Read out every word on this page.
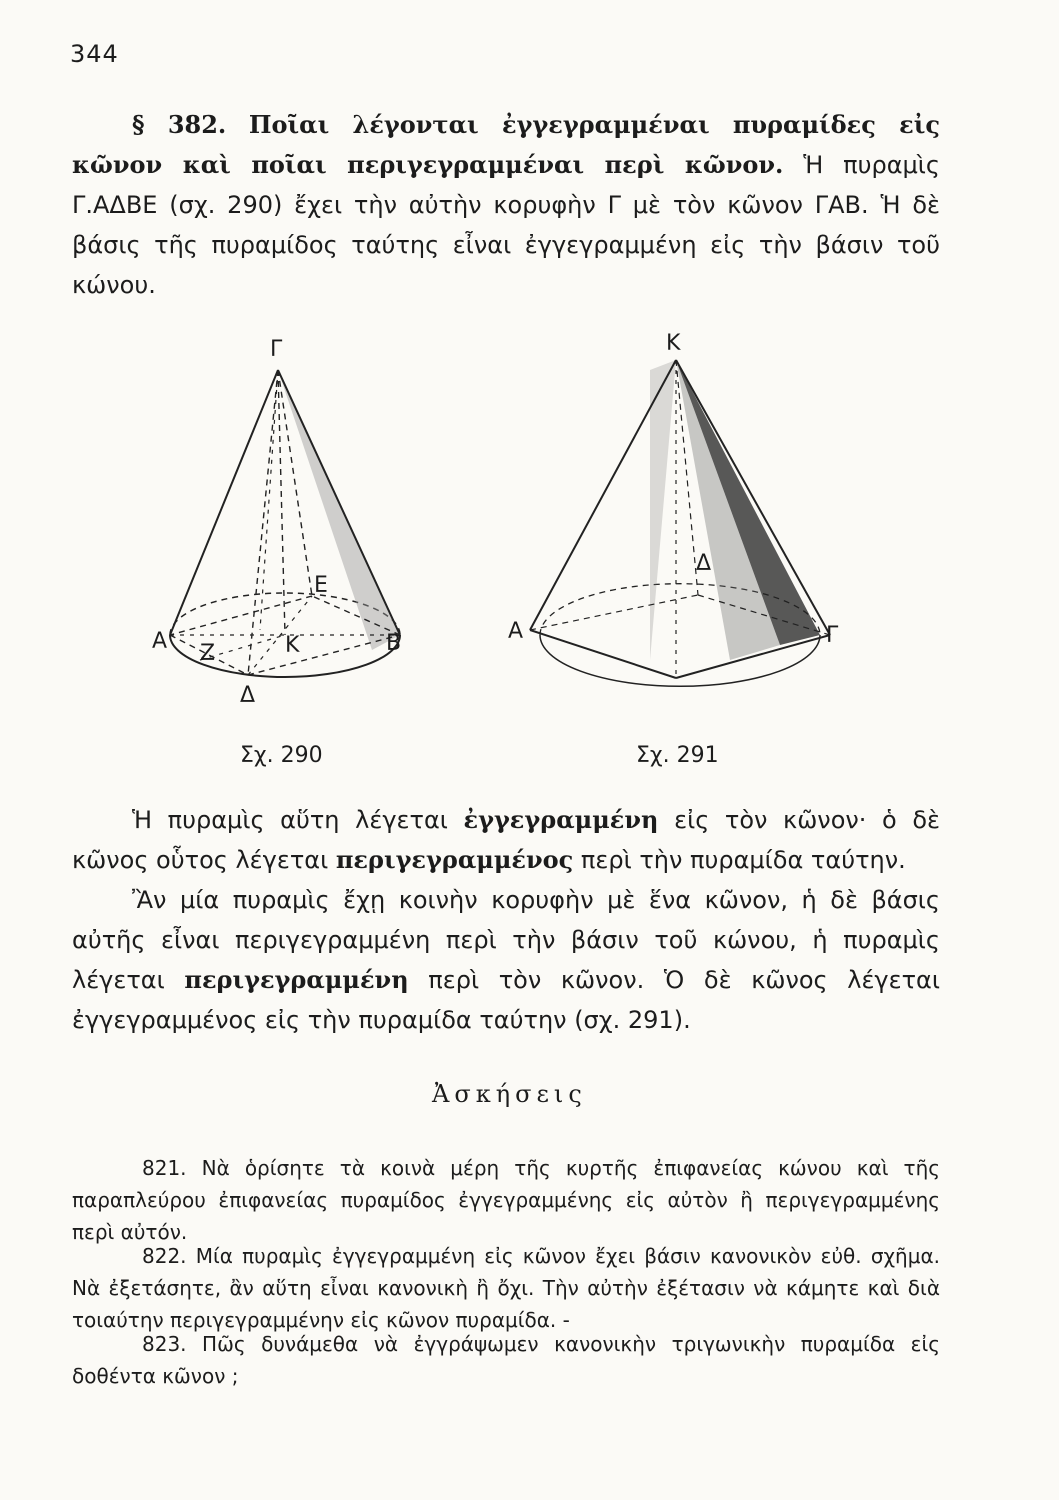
344
§ 382. Ποῖαι λέγονται ἐγγεγραμμέναι πυραμίδες εἰς κῶνον καὶ ποῖαι περιγεγραμμέναι περὶ κῶνον. Ἡ πυραμὶς Γ.ΑΔΒΕ (σχ. 290) ἔχει τὴν αὐτὴν κορυφὴν Γ μὲ τὸν κῶνον ΓΑΒ. Ἡ δὲ βάσις τῆς πυραμίδος ταύτης εἶναι ἐγγεγραμμένη εἰς τὴν βάσιν τοῦ κώνου.
Γ
Α	Β
Δ
Ε
Κ
Ζ
Σχ. 290
Κ
Α	Γ
Δ
Σχ. 291
Ἡ πυραμὶς αὕτη λέγεται ἐγγεγραμμένη εἰς τὸν κῶνον· ὁ δὲ κῶνος οὗτος λέγεται περιγεγραμμένος περὶ τὴν πυραμίδα ταύτην.
Ἂν μία πυραμὶς ἔχῃ κοινὴν κορυφὴν μὲ ἕνα κῶνον, ἡ δὲ βάσις αὐτῆς εἶναι περιγεγραμμένη περὶ τὴν βάσιν τοῦ κώνου, ἡ πυραμὶς λέγεται περιγεγραμμένη περὶ τὸν κῶνον. Ὁ δὲ κῶνος λέγεται ἐγγεγραμμένος εἰς τὴν πυραμίδα ταύτην (σχ. 291).
Ἀσκήσεις
821. Νὰ ὁρίσητε τὰ κοινὰ μέρη τῆς κυρτῆς ἐπιφανείας κώνου καὶ τῆς παραπλεύρου ἐπιφανείας πυραμίδος ἐγγεγραμμένης εἰς αὐτὸν ἢ περιγεγραμμένης περὶ αὐτόν.
822. Μία πυραμὶς ἐγγεγραμμένη εἰς κῶνον ἔχει βάσιν κανονικὸν εὐθ. σχῆμα. Νὰ ἐξετάσητε, ἂν αὕτη εἶναι κανονικὴ ἢ ὄχι. Τὴν αὐτὴν ἐξέτασιν νὰ κάμητε καὶ διὰ τοιαύτην περιγεγραμμένην εἰς κῶνον πυραμίδα. -
823. Πῶς δυνάμεθα νὰ ἐγγράψωμεν κανονικὴν τριγωνικὴν πυραμίδα εἰς δοθέντα κῶνον ;
